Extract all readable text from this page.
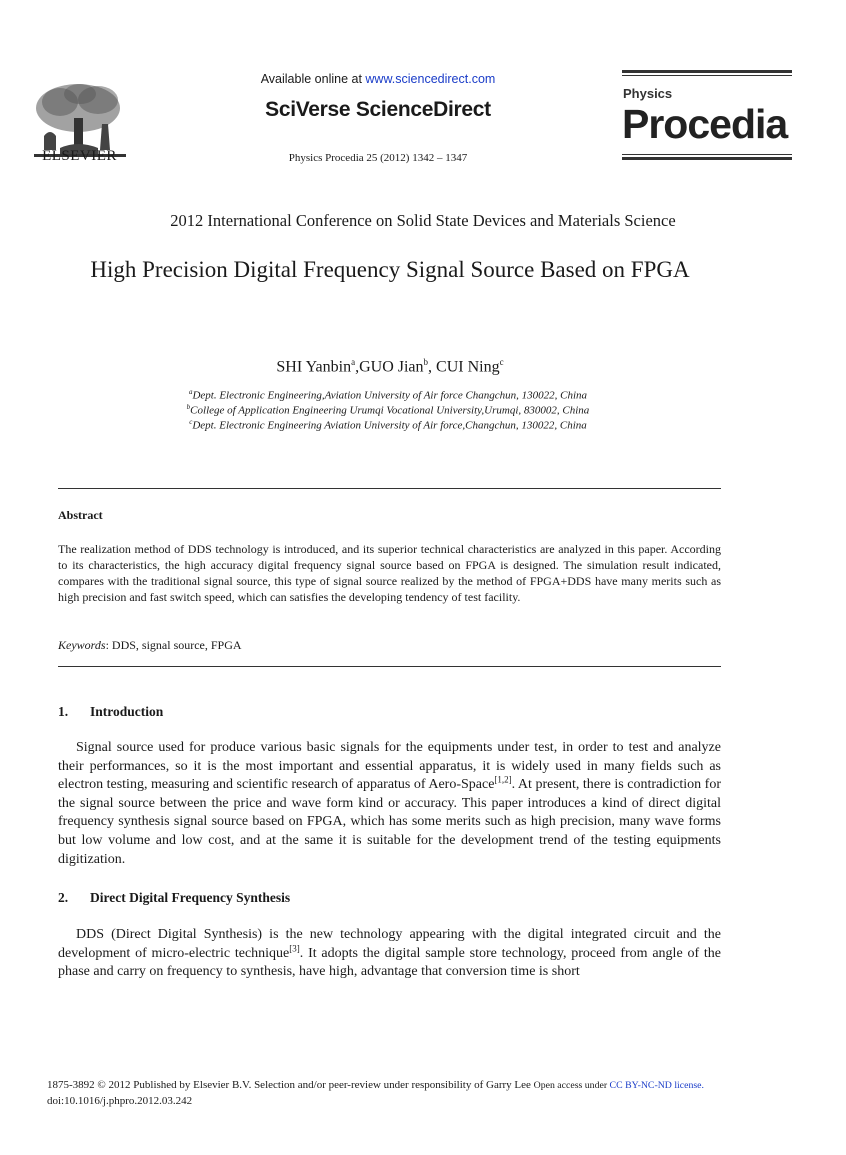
ELSEVIER
Available online at www.sciencedirect.com
SciVerse ScienceDirect
Physics Procedia 25 (2012) 1342 – 1347
Physics
Procedia
2012 International Conference on Solid State Devices and Materials Science
High Precision Digital Frequency Signal Source Based on FPGA
SHI Yanbin$^a$,GUO Jian$^b$, CUI Ning$^c$
$^a$Dept. Electronic Engineering,Aviation University of Air force Changchun, 130022, China
$^b$College of Application Engineering Urumqi Vocational University,Urumqi, 830002, China
$^c$Dept. Electronic Engineering Aviation University of Air force,Changchun, 130022, China
Abstract
The realization method of DDS technology is introduced, and its superior technical characteristics are analyzed in this paper. According to its characteristics, the high accuracy digital frequency signal source based on FPGA is designed. The simulation result indicated, compares with the traditional signal source, this type of signal source realized by the method of FPGA+DDS have many merits such as high precision and fast switch speed, which can satisfies the developing tendency of test facility.
Keywords: DDS, signal source, FPGA
1. Introduction
Signal source used for produce various basic signals for the equipments under test, in order to test and analyze their performances, so it is the most important and essential apparatus, it is widely used in many fields such as electron testing, measuring and scientific research of apparatus of Aero-Space[1,2]. At present, there is contradiction for the signal source between the price and wave form kind or accuracy. This paper introduces a kind of direct digital frequency synthesis signal source based on FPGA, which has some merits such as high precision, many wave forms but low volume and low cost, and at the same it is suitable for the development trend of the testing equipments digitization.
2. Direct Digital Frequency Synthesis
DDS (Direct Digital Synthesis) is the new technology appearing with the digital integrated circuit and the development of micro-electric technique[3]. It adopts the digital sample store technology, proceed from angle of the phase and carry on frequency to synthesis, have high, advantage that conversion time is short
1875-3892 © 2012 Published by Elsevier B.V. Selection and/or peer-review under responsibility of Garry Lee Open access under CC BY-NC-ND license.
doi:10.1016/j.phpro.2012.03.242
